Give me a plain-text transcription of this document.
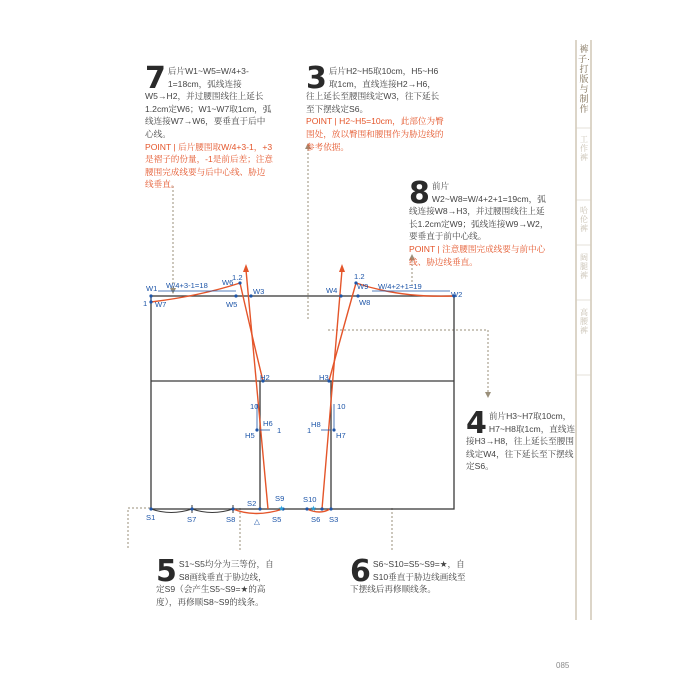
裤子·打版与制作
工作裤
哈伦裤
阔腿裤
高腰裤
W1
1 W7
W/4+3-1=18 W6
1.2
W5
W3	W4	W9
1.2
W/4+2+1=19
W8
W2
H2	H3
10	10
H6
1
H5
H8
1
H7
S1	S7	S8
S2
S9
★
△ S5
S10
★
S6 S3
7 后片W1~W5=W/4+3-1=18cm，弧线连接W5→H2，并过腰围线往上延长1.2cm定W6；W1~W7取1cm，弧线连接W7→W6，要垂直于后中心线。
POINT | 后片腰围取W/4+3-1，+3是褶子的份量，-1是前后差；注意腰围完成线要与后中心线、胁边线垂直。
3 后片H2~H5取10cm，H5~H6取1cm，直线连接H2→H6，往上延长至腰围线定W3，往下延长至下摆线定S6。
POINT | H2~H5=10cm，此部位为臀围处，放以臀围和腰围作为胁边线的参考依据。
8 前片W2~W8=W/4+2+1=19cm，弧线连接W8→H3，并过腰围线往上延长1.2cm定W9；弧线连接W9→W2，要垂直于前中心线。
POINT | 注意腰围完成线要与前中心线、胁边线垂直。
4 前片H3~H7取10cm，H7~H8取1cm，直线连接H3→H8，往上延长至腰围线定W4，往下延长至下摆线定S6。
5 S1~S5均分为三等份，自S8画线垂直于胁边线，定S9（会产生S5~S9=★的高度），再修顺S8~S9的线条。
6 S6~S10=S5~S9=★，自S10垂直于胁边线画线至下摆线后再修顺线条。
085
